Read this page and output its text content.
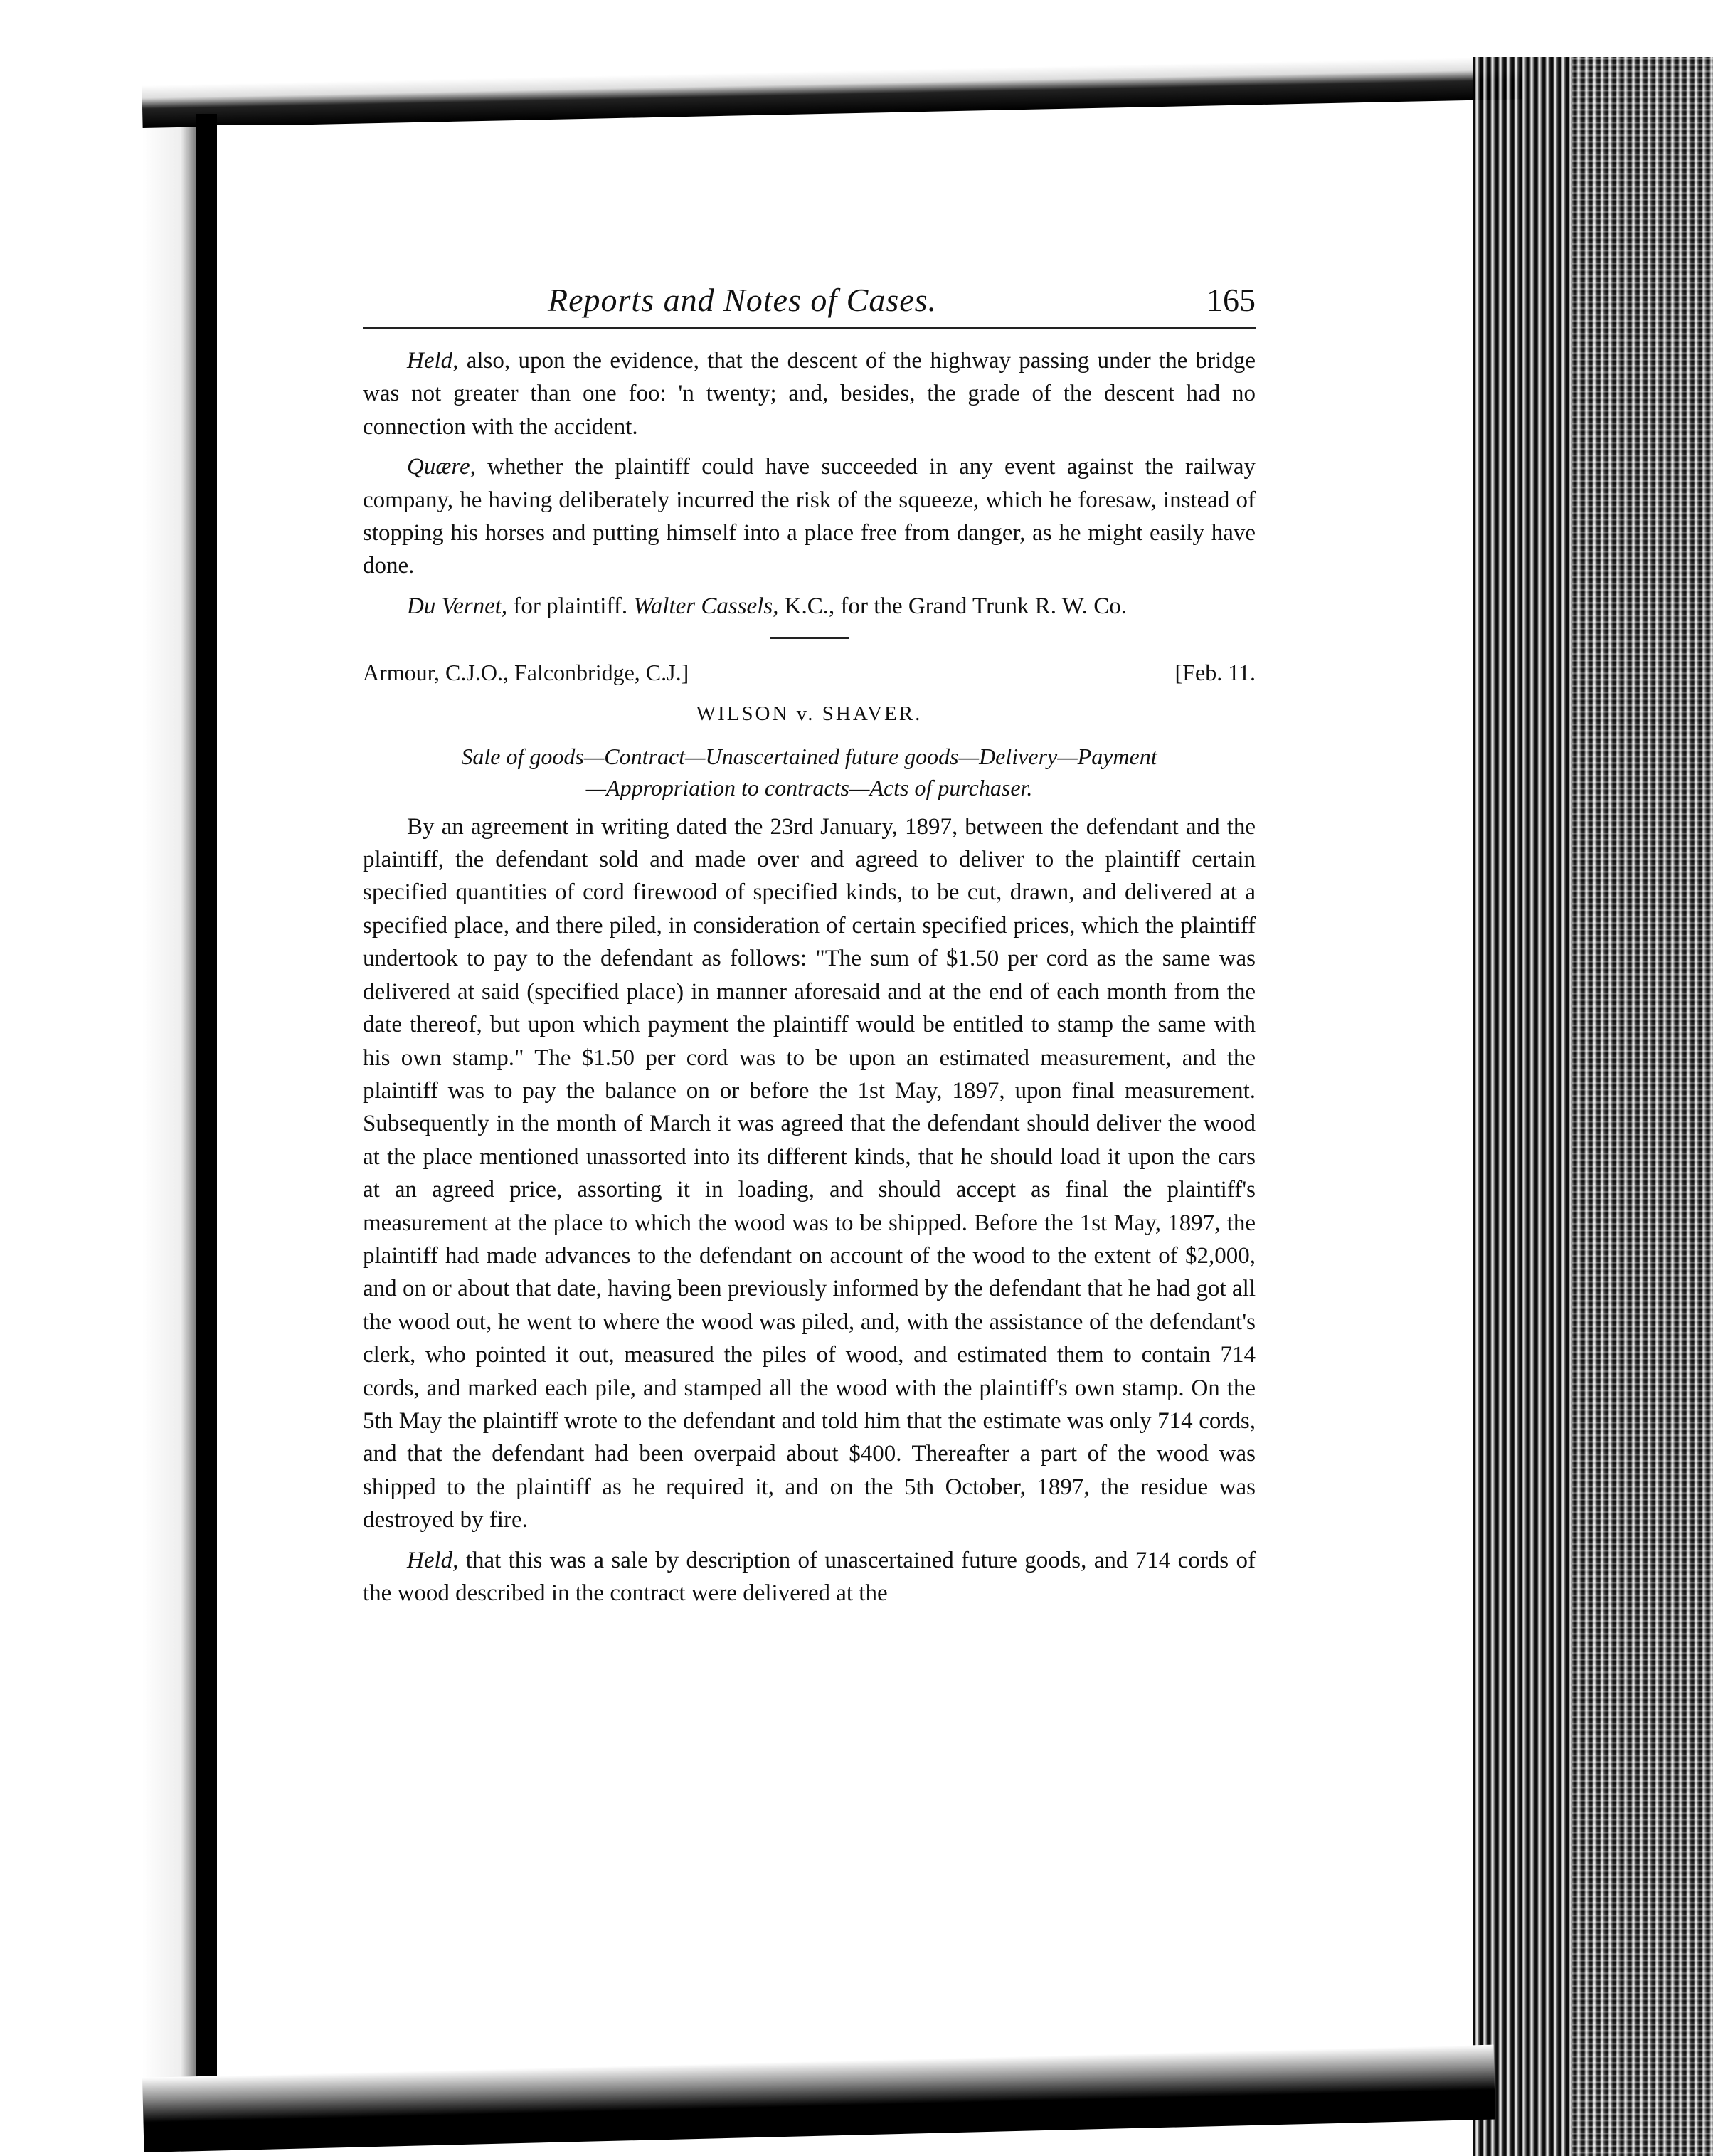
Reports and Notes of Cases.	165

Held, also, upon the evidence, that the descent of the highway passing under the bridge was not greater than one foo: 'n twenty; and, besides, the grade of the descent had no connection with the accident.

Quære, whether the plaintiff could have succeeded in any event against the railway company, he having deliberately incurred the risk of the squeeze, which he foresaw, instead of stopping his horses and putting himself into a place free from danger, as he might easily have done.

Du Vernet, for plaintiff. Walter Cassels, K.C., for the Grand Trunk R. W. Co.

Armour, C.J.O., Falconbridge, C.J.]	[Feb. 11.
WILSON v. SHAVER.
Sale of goods—Contract—Unascertained future goods—Delivery—Payment
—Appropriation to contracts—Acts of purchaser.

By an agreement in writing dated the 23rd January, 1897, between the defendant and the plaintiff, the defendant sold and made over and agreed to deliver to the plaintiff certain specified quantities of cord firewood of specified kinds, to be cut, drawn, and delivered at a specified place, and there piled, in consideration of certain specified prices, which the plaintiff undertook to pay to the defendant as follows: "The sum of $1.50 per cord as the same was delivered at said (specified place) in manner aforesaid and at the end of each month from the date thereof, but upon which payment the plaintiff would be entitled to stamp the same with his own stamp." The $1.50 per cord was to be upon an estimated measurement, and the plaintiff was to pay the balance on or before the 1st May, 1897, upon final measurement. Subsequently in the month of March it was agreed that the defendant should deliver the wood at the place mentioned unassorted into its different kinds, that he should load it upon the cars at an agreed price, assorting it in loading, and should accept as final the plaintiff's measurement at the place to which the wood was to be shipped. Before the 1st May, 1897, the plaintiff had made advances to the defendant on account of the wood to the extent of $2,000, and on or about that date, having been previously informed by the defendant that he had got all the wood out, he went to where the wood was piled, and, with the assistance of the defendant's clerk, who pointed it out, measured the piles of wood, and estimated them to contain 714 cords, and marked each pile, and stamped all the wood with the plaintiff's own stamp. On the 5th May the plaintiff wrote to the defendant and told him that the estimate was only 714 cords, and that the defendant had been overpaid about $400. Thereafter a part of the wood was shipped to the plaintiff as he required it, and on the 5th October, 1897, the residue was destroyed by fire.

Held, that this was a sale by description of unascertained future goods, and 714 cords of the wood described in the contract were delivered at the
